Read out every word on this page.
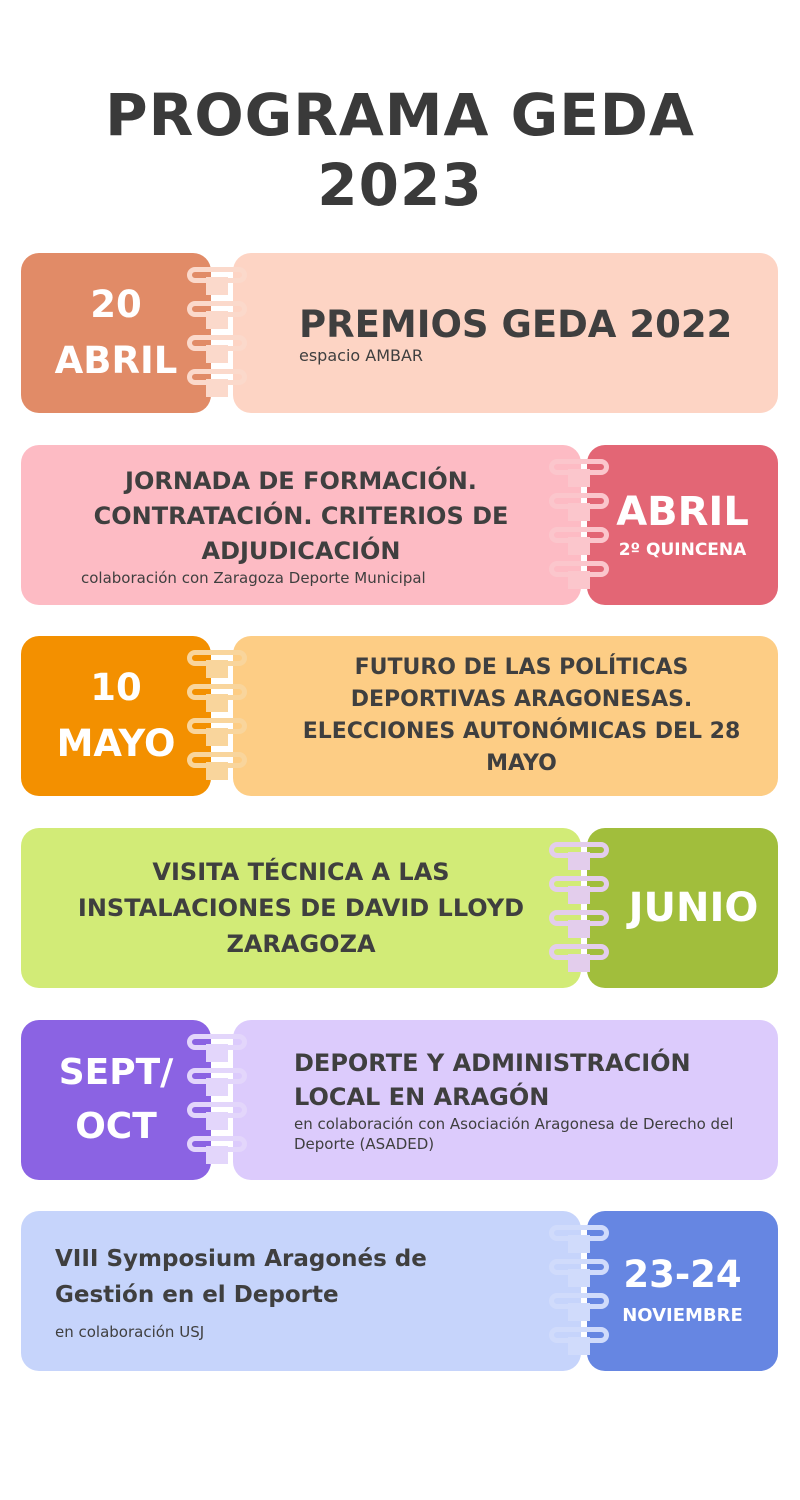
PROGRAMA GEDA
2023
PREMIOS GEDA 2022
espacio AMBAR
20
ABRIL
JORNADA DE FORMACIÓN. CONTRATACIÓN. CRITERIOS DE ADJUDICACIÓN
colaboración con Zaragoza Deporte Municipal
ABRIL
2º QUINCENA
FUTURO DE LAS POLÍTICAS DEPORTIVAS ARAGONESAS. ELECCIONES AUTONÓMICAS DEL 28 MAYO
10
MAYO
VISITA TÉCNICA A LAS INSTALACIONES DE DAVID LLOYD ZARAGOZA
JUNIO
DEPORTE Y ADMINISTRACIÓN LOCAL EN ARAGÓN
en colaboración con Asociación Aragonesa de Derecho del Deporte (ASADED)
SEPT/ OCT
VIII Symposium Aragonés de Gestión en el Deporte
en colaboración USJ
23-24
NOVIEMBRE
